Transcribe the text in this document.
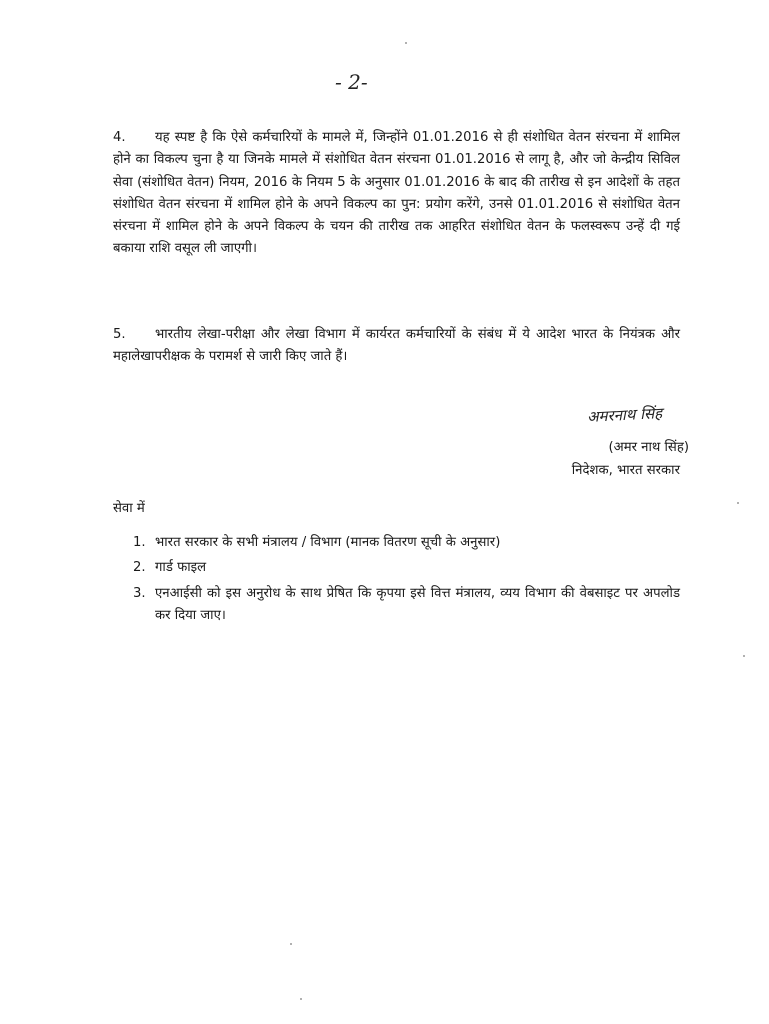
- 2-

4. यह स्पष्ट है कि ऐसे कर्मचारियों के मामले में, जिन्होंने 01.01.2016 से ही संशोधित वेतन संरचना में शामिल होने का विकल्प चुना है या जिनके मामले में संशोधित वेतन संरचना 01.01.2016 से लागू है, और जो केन्द्रीय सिविल सेवा (संशोधित वेतन) नियम, 2016 के नियम 5 के अनुसार 01.01.2016 के बाद की तारीख से इन आदेशों के तहत संशोधित वेतन संरचना में शामिल होने के अपने विकल्प का पुन: प्रयोग करेंगे, उनसे 01.01.2016 से संशोधित वेतन संरचना में शामिल होने के अपने विकल्प के चयन की तारीख तक आहरित संशोधित वेतन के फलस्वरूप उन्हें दी गई बकाया राशि वसूल ली जाएगी।

5. भारतीय लेखा-परीक्षा और लेखा विभाग में कार्यरत कर्मचारियों के संबंध में ये आदेश भारत के नियंत्रक और महालेखापरीक्षक के परामर्श से जारी किए जाते हैं।

अमरनाथ सिंह

(अमर नाथ सिंह)

निदेशक, भारत सरकार

सेवा में

1. भारत सरकार के सभी मंत्रालय / विभाग (मानक वितरण सूची के अनुसार)
2. गार्ड फाइल
3. एनआईसी को इस अनुरोध के साथ प्रेषित कि कृपया इसे वित्त मंत्रालय, व्यय विभाग की वेबसाइट पर अपलोड कर दिया जाए।
